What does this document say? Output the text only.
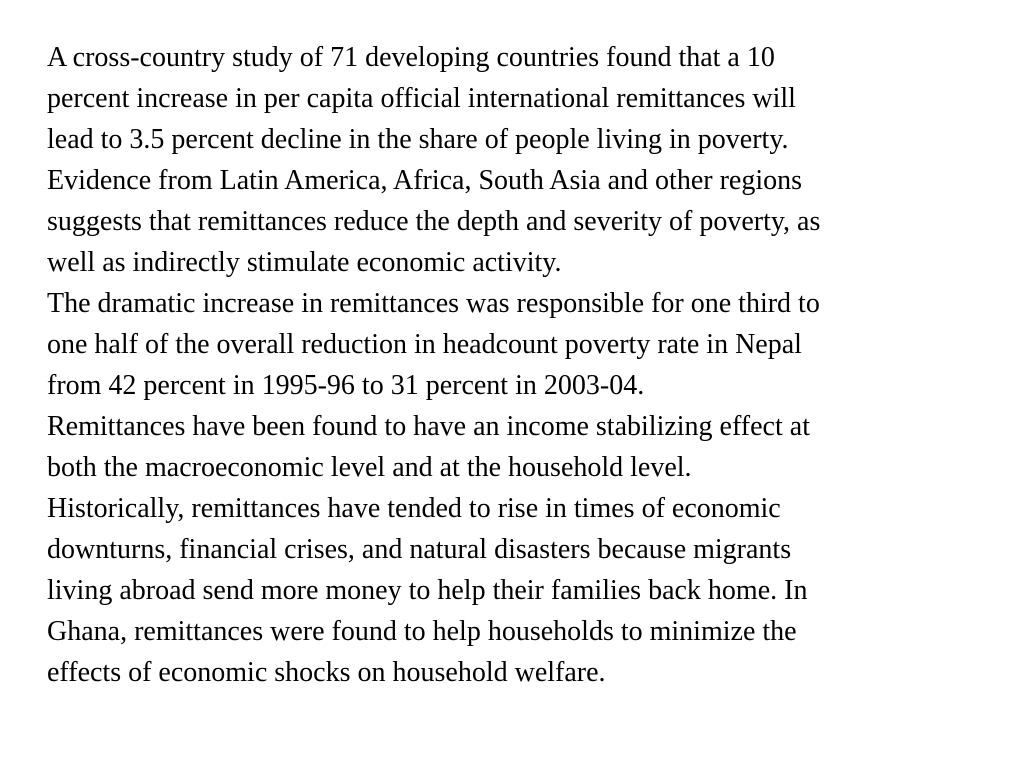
A cross-country study of 71 developing countries found that a 10
percent increase in per capita official international remittances will
lead to 3.5 percent decline in the share of people living in poverty.

Evidence from Latin America, Africa, South Asia and other regions
suggests that remittances reduce the depth and severity of poverty, as
well as indirectly stimulate economic activity.

The dramatic increase in remittances was responsible for one third to
one half of the overall reduction in headcount poverty rate in Nepal
from 42 percent in 1995-96 to 31 percent in 2003-04.

Remittances have been found to have an income stabilizing effect at
both the macroeconomic level and at the household level.

Historically, remittances have tended to rise in times of economic
downturns, financial crises, and natural disasters because migrants
living abroad send more money to help their families back home. In
Ghana, remittances were found to help households to minimize the
effects of economic shocks on household welfare.
